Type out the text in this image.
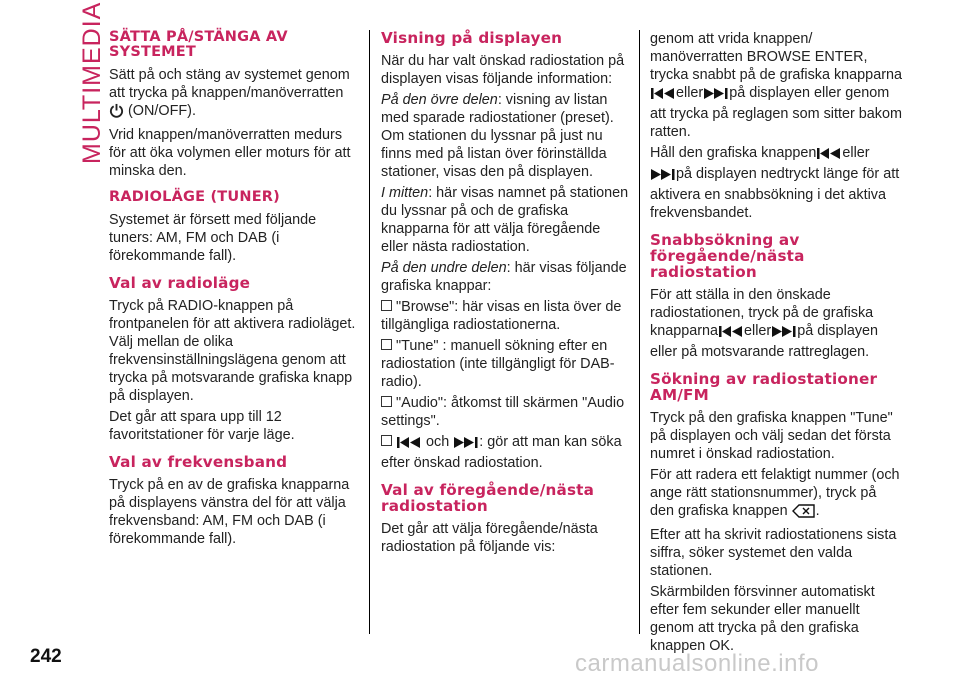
MULTIMEDIA SÄTTA PÅ/STÄNGA AV SYSTEMET

Sätt på och stäng av systemet genom att trycka på knappen/manöverratten
(ON/OFF).

Vrid knappen/manöverratten medurs för att öka volymen eller moturs för att minska den.

RADIOLÄGE (TUNER)

Systemet är försett med följande tuners: AM, FM och DAB (i förekommande fall).

Val av radioläge

Tryck på RADIO-knappen på frontpanelen för att aktivera radioläget. Välj mellan de olika frekvensinställningslägena genom att trycka på motsvarande grafiska knapp på displayen.

Det går att spara upp till 12 favoritstationer för varje läge.

Val av frekvensband

Tryck på en av de grafiska knapparna på displayens vänstra del för att välja frekvensband: AM, FM och DAB (i förekommande fall).

Visning på displayen

När du har valt önskad radiostation på displayen visas följande information:

På den övre delen: visning av listan med sparade radiostationer (preset). Om stationen du lyssnar på just nu finns med på listan över förinställda stationer, visas den på displayen.

I mitten: här visas namnet på stationen du lyssnar på och de grafiska knapparna för att välja föregående eller nästa radiostation.

På den undre delen: här visas följande grafiska knappar:

"Browse": här visas en lista över de tillgängliga radiostationerna.

"Tune" : manuell sökning efter en radiostation (inte tillgängligt för DAB-radio).

"Audio": åtkomst till skärmen "Audio settings".

och : gör att man kan söka efter önskad radiostation.

Val av föregående/nästa radiostation

Det går att välja föregående/nästa radiostation på följande vis:

genom att vrida knappen/ manöverratten BROWSE ENTER, trycka snabbt på de grafiska knapparna
eller på displayen eller genom att trycka på reglagen som sitter bakom ratten.

Håll den grafiska knappen eller
på displayen nedtryckt länge för att aktivera en snabbsökning i det aktiva frekvensbandet.

Snabbsökning av föregående/nästa radiostation

För att ställa in den önskade radiostationen, tryck på de grafiska knapparna eller på displayen eller på motsvarande rattreglagen.

Sökning av radiostationer AM/FM

Tryck på den grafiska knappen "Tune" på displayen och välj sedan det första numret i önskad radiostation.

För att radera ett felaktigt nummer (och ange rätt stationsnummer), tryck på den grafiska knappen .

Efter att ha skrivit radiostationens sista siffra, söker systemet den valda stationen.

Skärmbilden försvinner automatiskt efter fem sekunder eller manuellt genom att trycka på den grafiska knappen OK.

242	carmanualsonline.info
